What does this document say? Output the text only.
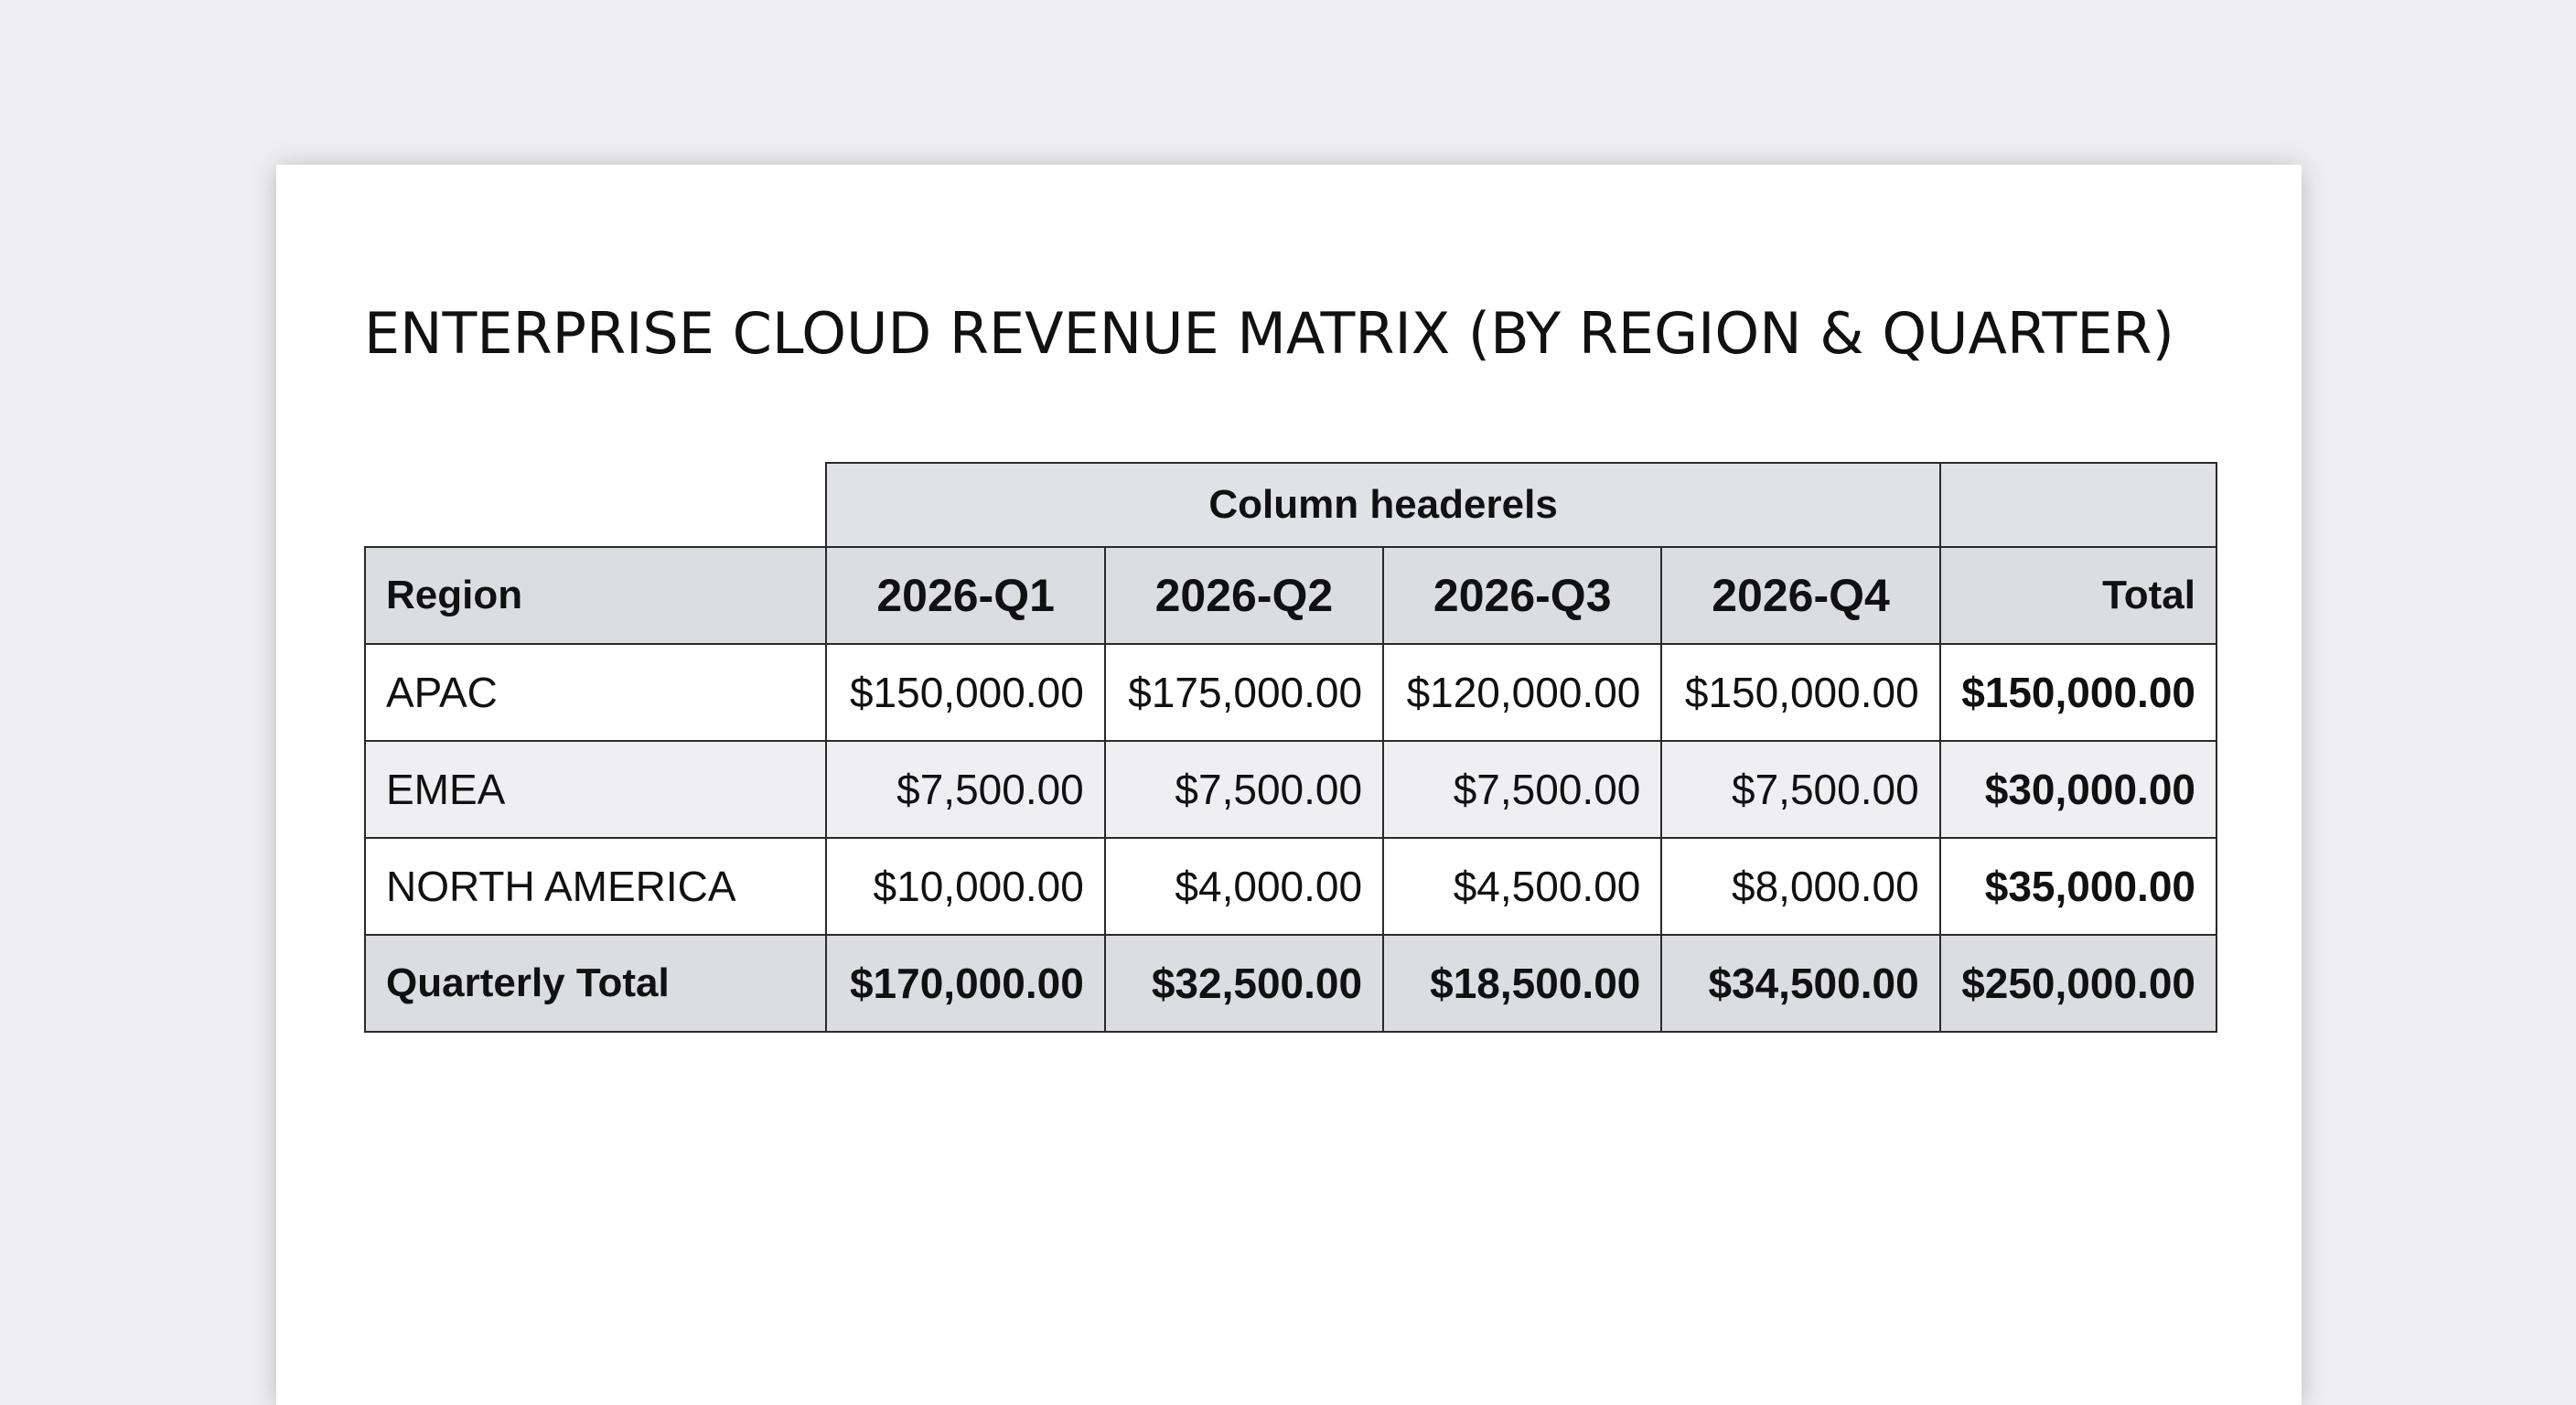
ENTERPRISE CLOUD REVENUE MATRIX (BY REGION & QUARTER)
	Column headerels				
Region	2026-Q1	2026-Q2	2026-Q3	2026-Q4	Total
APAC	$150,000.00	$175,000.00	$120,000.00	$150,000.00	$150,000.00
EMEA	$7,500.00	$7,500.00	$7,500.00	$7,500.00	$30,000.00
NORTH AMERICA	$10,000.00	$4,000.00	$4,500.00	$8,000.00	$35,000.00
Quarterly Total	$170,000.00	$32,500.00	$18,500.00	$34,500.00	$250,000.00
